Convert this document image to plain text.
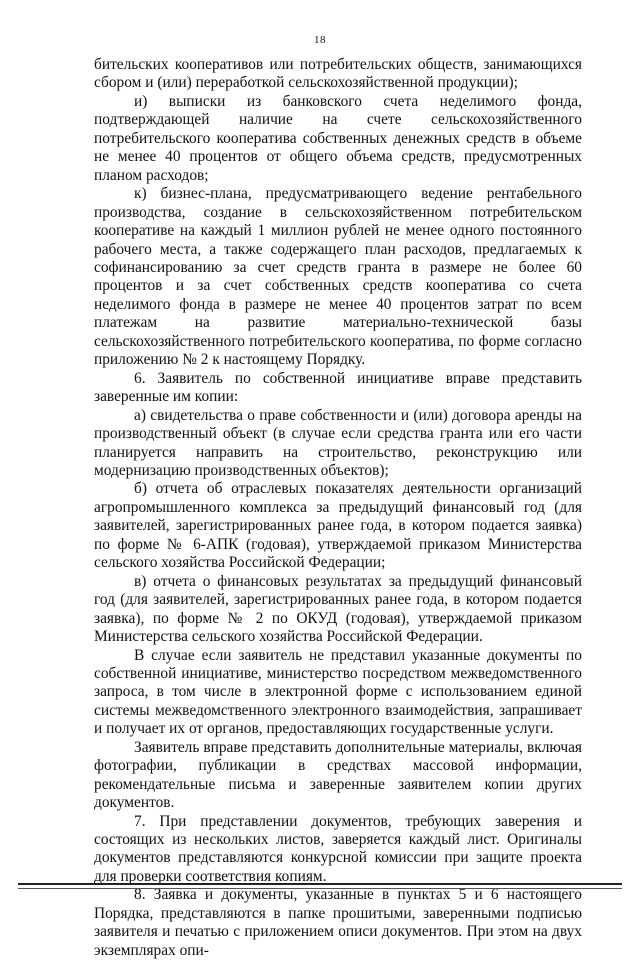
18

бительских кооперативов или потребительских обществ, занимающихся сбором и (или) переработкой сельскохозяйственной продукции);

и) выписки из банковского счета неделимого фонда, подтверждающей наличие на счете сельскохозяйственного потребительского кооператива собственных денежных средств в объеме не менее 40 процентов от общего объема средств, предусмотренных планом расходов;

к) бизнес-плана, предусматривающего ведение рентабельного производства, создание в сельскохозяйственном потребительском кооперативе на каждый 1 миллион рублей не менее одного постоянного рабочего места, а также содержащего план расходов, предлагаемых к софинансированию за счет средств гранта в размере не более 60 процентов и за счет собственных средств кооператива со счета неделимого фонда в размере не менее 40 процентов затрат по всем платежам на развитие материально-технической базы сельскохозяйственного потребительского кооператива, по форме согласно приложению № 2 к настоящему Порядку.

6. Заявитель по собственной инициативе вправе представить заверенные им копии:

а) свидетельства о праве собственности и (или) договора аренды на производственный объект (в случае если средства гранта или его части планируется направить на строительство, реконструкцию или модернизацию производственных объектов);

б) отчета об отраслевых показателях деятельности организаций агропромышленного комплекса за предыдущий финансовый год (для заявителей, зарегистрированных ранее года, в котором подается заявка) по форме № 6-АПК (годовая), утверждаемой приказом Министерства сельского хозяйства Российской Федерации;

в) отчета о финансовых результатах за предыдущий финансовый год (для заявителей, зарегистрированных ранее года, в котором подается заявка), по форме № 2 по ОКУД (годовая), утверждаемой приказом Министерства сельского хозяйства Российской Федерации.

В случае если заявитель не представил указанные документы по собственной инициативе, министерство посредством межведомственного запроса, в том числе в электронной форме с использованием единой системы межведомственного электронного взаимодействия, запрашивает и получает их от органов, предоставляющих государственные услуги.

Заявитель вправе представить дополнительные материалы, включая фотографии, публикации в средствах массовой информации, рекомендательные письма и заверенные заявителем копии других документов.

7. При представлении документов, требующих заверения и состоящих из нескольких листов, заверяется каждый лист. Оригиналы документов представляются конкурсной комиссии при защите проекта для проверки соответствия копиям.

8. Заявка и документы, указанные в пунктах 5 и 6 настоящего Порядка, представляются в папке прошитыми, заверенными подписью заявителя и печатью с приложением описи документов. При этом на двух экземплярах опи-
